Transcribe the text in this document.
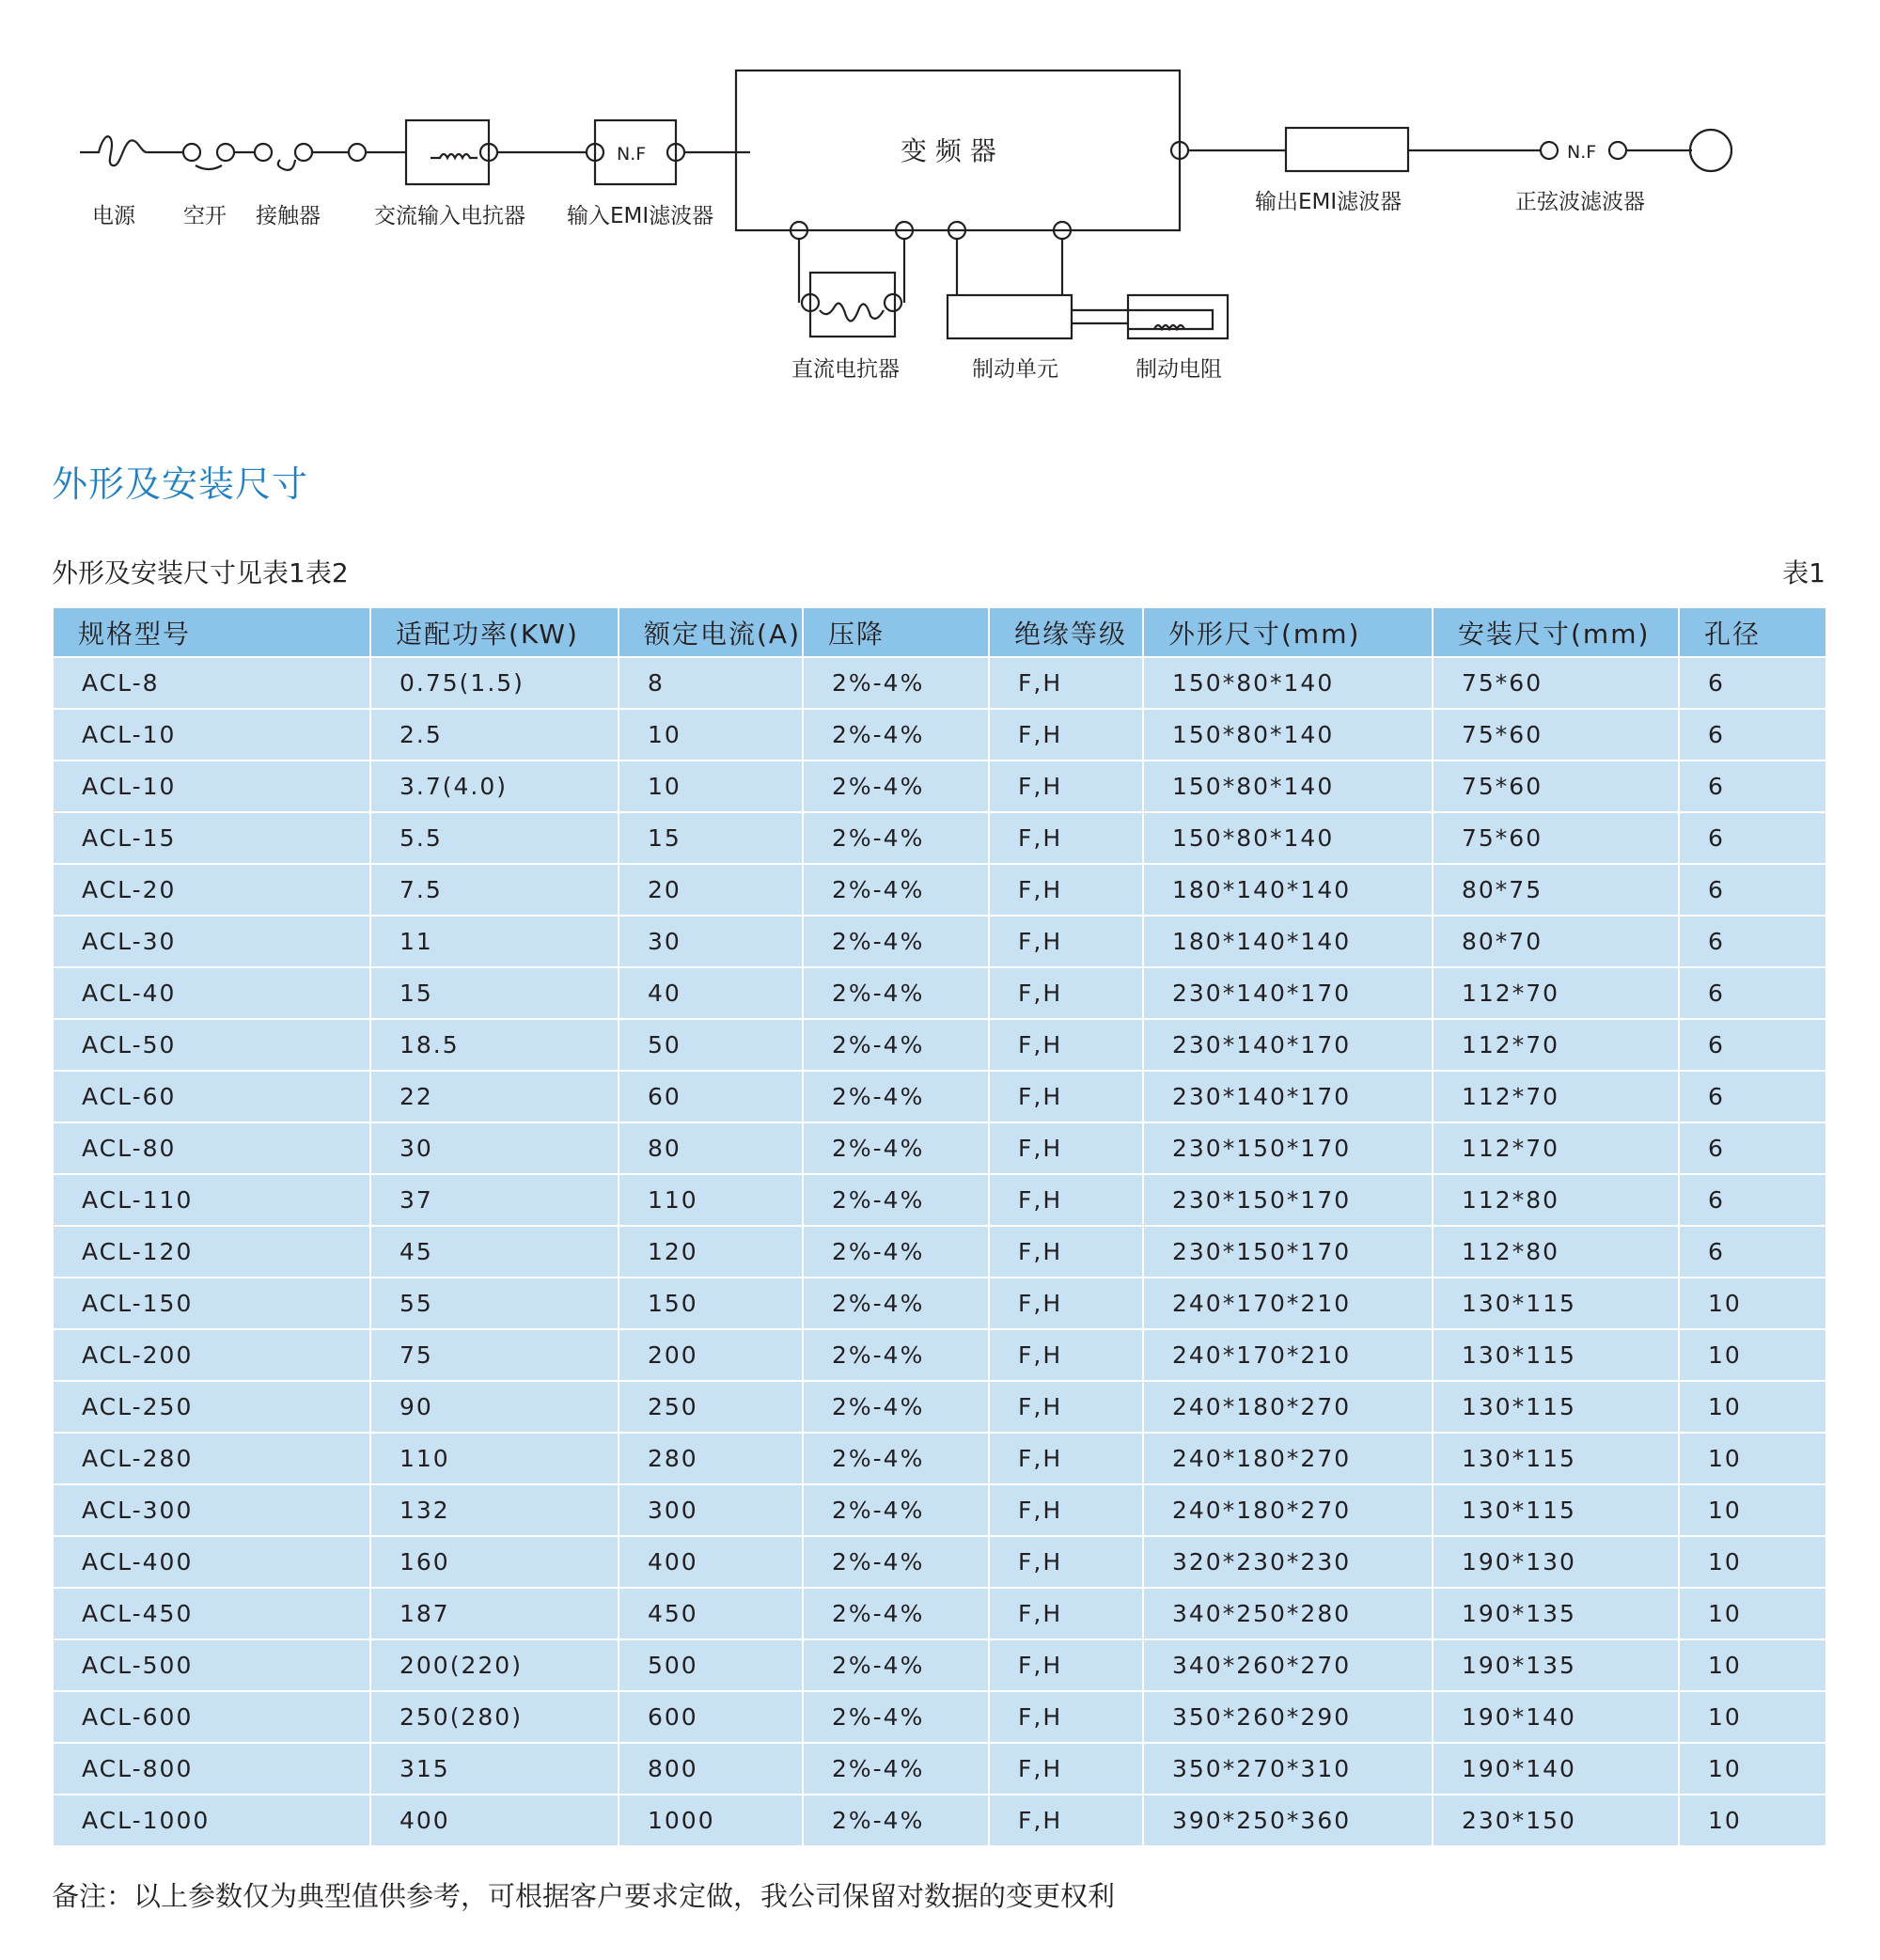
电源 空开 接触器 交流输入电抗器 输入EMI滤波器
N.F	变 频 器
输出EMI滤波器
N.F
正弦波滤波器
直流电抗器	制动单元	制动电阻
外形及安装尺寸
外形及安装尺寸见表1表2	表1
规格型号	适配功率(KW)	额定电流(A)	压降	绝缘等级	外形尺寸(mm)	安装尺寸(mm)	孔径
ACL-8	0.75(1.5)	8	2%-4%	F,H	150*80*140	75*60	6
ACL-10	2.5	10	2%-4%	F,H	150*80*140	75*60	6
ACL-10	3.7(4.0)	10	2%-4%	F,H	150*80*140	75*60	6
ACL-15	5.5	15	2%-4%	F,H	150*80*140	75*60	6
ACL-20	7.5	20	2%-4%	F,H	180*140*140	80*75	6
ACL-30	11	30	2%-4%	F,H	180*140*140	80*70	6
ACL-40	15	40	2%-4%	F,H	230*140*170	112*70	6
ACL-50	18.5	50	2%-4%	F,H	230*140*170	112*70	6
ACL-60	22	60	2%-4%	F,H	230*140*170	112*70	6
ACL-80	30	80	2%-4%	F,H	230*150*170	112*70	6
ACL-110	37	110	2%-4%	F,H	230*150*170	112*80	6
ACL-120	45	120	2%-4%	F,H	230*150*170	112*80	6
ACL-150	55	150	2%-4%	F,H	240*170*210	130*115	10
ACL-200	75	200	2%-4%	F,H	240*170*210	130*115	10
ACL-250	90	250	2%-4%	F,H	240*180*270	130*115	10
ACL-280	110	280	2%-4%	F,H	240*180*270	130*115	10
ACL-300	132	300	2%-4%	F,H	240*180*270	130*115	10
ACL-400	160	400	2%-4%	F,H	320*230*230	190*130	10
ACL-450	187	450	2%-4%	F,H	340*250*280	190*135	10
ACL-500	200(220)	500	2%-4%	F,H	340*260*270	190*135	10
ACL-600	250(280)	600	2%-4%	F,H	350*260*290	190*140	10
ACL-800	315	800	2%-4%	F,H	350*270*310	190*140	10
ACL-1000	400	1000	2%-4%	F,H	390*250*360	230*150	10
备注：以上参数仅为典型值供参考，可根据客户要求定做，我公司保留对数据的变更权利
